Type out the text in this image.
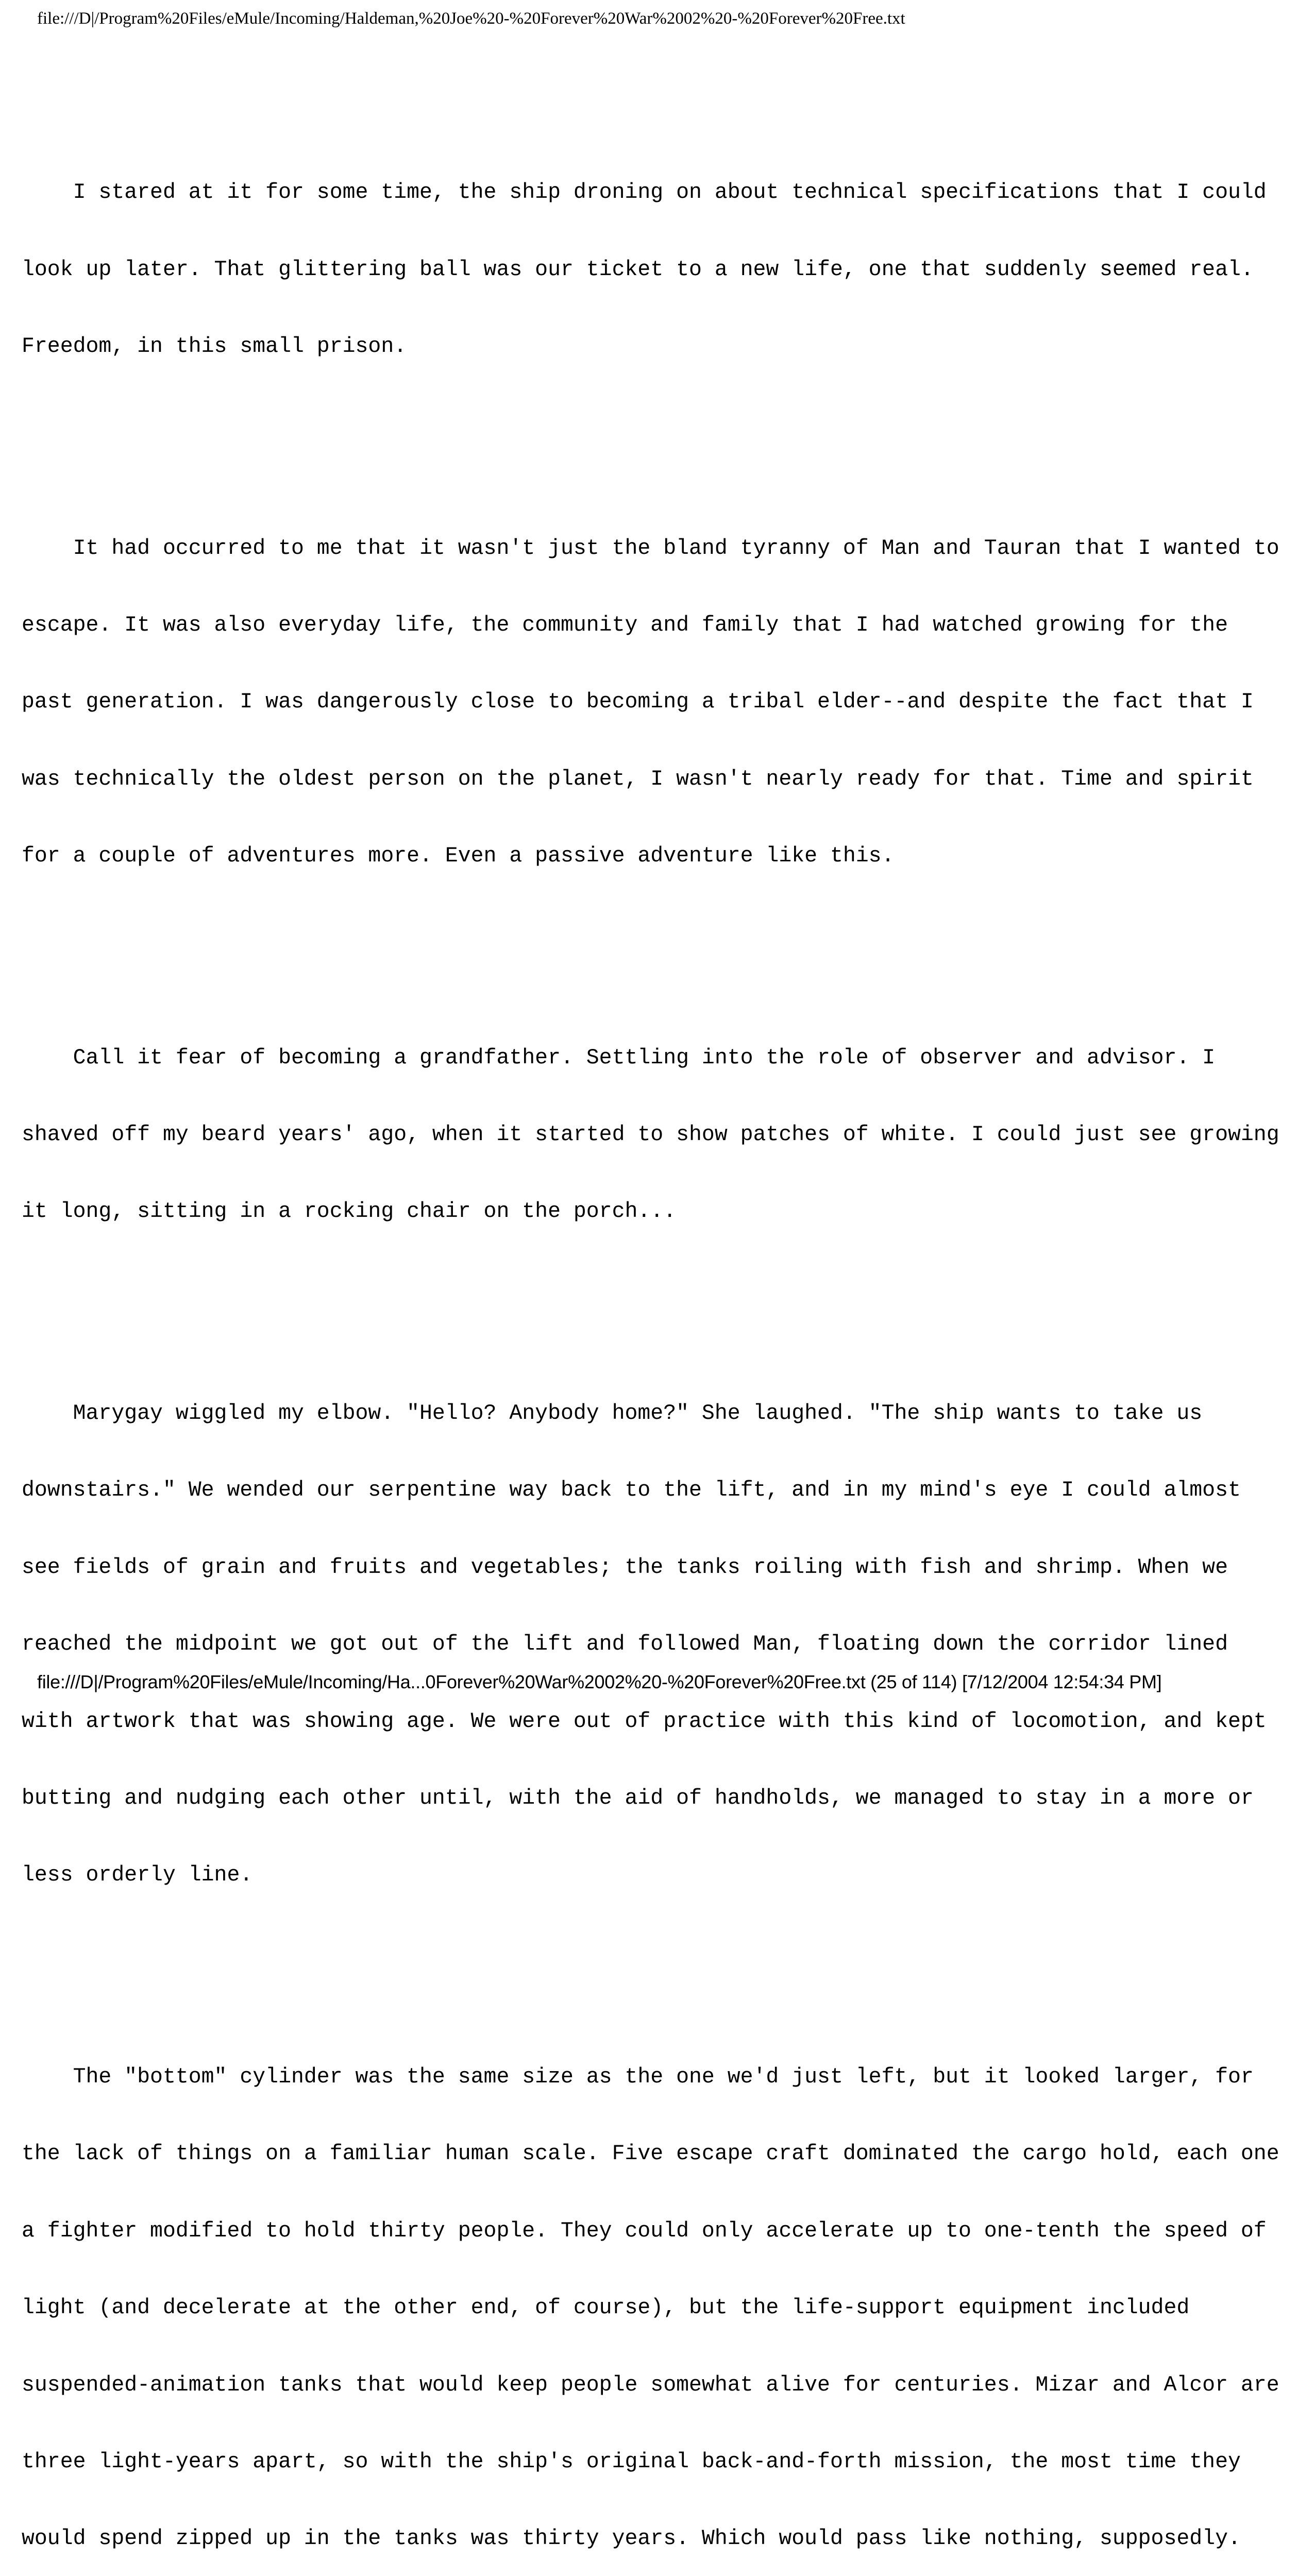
file:///D|/Program%20Files/eMule/Incoming/Haldeman,%20Joe%20-%20Forever%20War%2002%20-%20Forever%20Free.txt

I stared at it for some time, the ship droning on about technical specifications that I could

look up later. That glittering ball was our ticket to a new life, one that suddenly seemed real.

Freedom, in this small prison.

It had occurred to me that it wasn't just the bland tyranny of Man and Tauran that I wanted to

escape. It was also everyday life, the community and family that I had watched growing for the

past generation. I was dangerously close to becoming a tribal elder--and despite the fact that I

was technically the oldest person on the planet, I wasn't nearly ready for that. Time and spirit

for a couple of adventures more. Even a passive adventure like this.

Call it fear of becoming a grandfather. Settling into the role of observer and advisor. I

shaved off my beard years' ago, when it started to show patches of white. I could just see growing

it long, sitting in a rocking chair on the porch...

Marygay wiggled my elbow. "Hello? Anybody home?" She laughed. "The ship wants to take us

downstairs." We wended our serpentine way back to the lift, and in my mind's eye I could almost

see fields of grain and fruits and vegetables; the tanks roiling with fish and shrimp. When we

reached the midpoint we got out of the lift and followed Man, floating down the corridor lined

with artwork that was showing age. We were out of practice with this kind of locomotion, and kept

butting and nudging each other until, with the aid of handholds, we managed to stay in a more or

less orderly line.

The "bottom" cylinder was the same size as the one we'd just left, but it looked larger, for

the lack of things on a familiar human scale. Five escape craft dominated the cargo hold, each one

a fighter modified to hold thirty people. They could only accelerate up to one-tenth the speed of

light (and decelerate at the other end, of course), but the life-support equipment included

suspended-animation tanks that would keep people somewhat alive for centuries. Mizar and Alcor are

three light-years apart, so with the ship's original back-and-forth mission, the most time they

would spend zipped up in the tanks was thirty years. Which would pass like nothing, supposedly.

file:///D|/Program%20Files/eMule/Incoming/Ha...0Forever%20War%2002%20-%20Forever%20Free.txt (25 of 114) [7/12/2004 12:54:34 PM]
